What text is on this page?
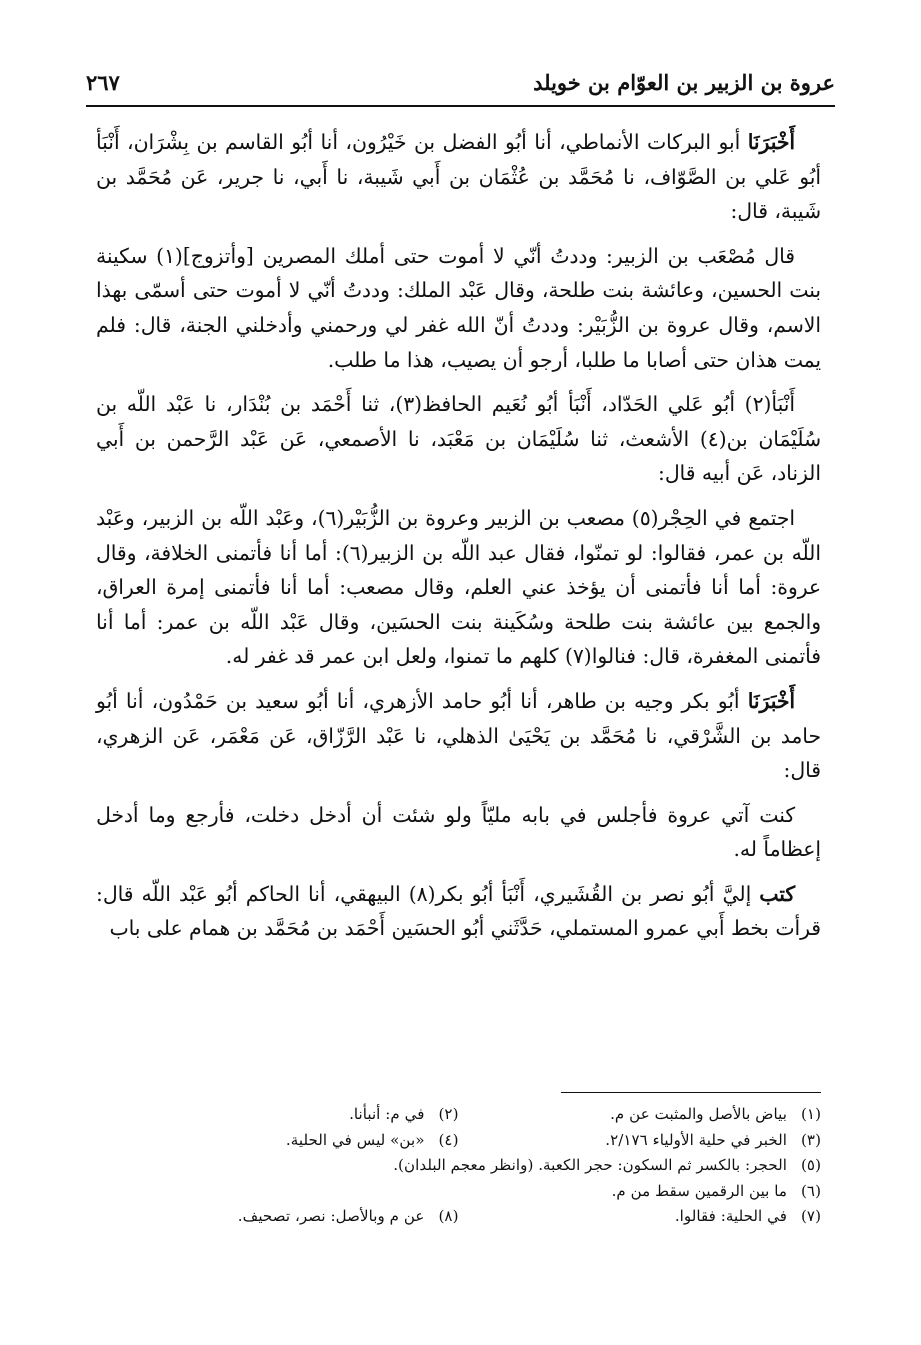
عروة بن الزبير بن العوّام بن خويلد
٢٦٧

أَخْبَرَنَا أبو البركات الأنماطي، أنا أبُو الفضل بن خَيْرُون، أنا أبُو القاسم بن بِشْرَان، أَنْبَأ أبُو عَلي بن الصَّوّاف، نا مُحَمَّد بن عُثْمَان بن أَبي شَيبة، نا أَبي، نا جرير، عَن مُحَمَّد بن شَيبة، قال:

قال مُصْعَب بن الزبير: وددتُ أنّي لا أموت حتى أملك المصرين [وأتزوج](١) سكينة بنت الحسين، وعائشة بنت طلحة، وقال عَبْد الملك: وددتُ أنّي لا أموت حتى أسمّى بهذا الاسم، وقال عروة بن الزُّبَيْر: وددتُ أنّ الله غفر لي ورحمني وأدخلني الجنة، قال: فلم يمت هذان حتى أصابا ما طلبا، أرجو أن يصيب، هذا ما طلب.

أَنْبَأ(٢) أبُو عَلي الحَدّاد، أَنْبَأ أبُو نُعَيم الحافظ(٣)، ثنا أَحْمَد بن بُنْدَار، نا عَبْد اللّه بن سُلَيْمَان بن(٤) الأشعث، ثنا سُلَيْمَان بن مَعْبَد، نا الأصمعي، عَن عَبْد الرَّحمن بن أَبي الزناد، عَن أبيه قال:

اجتمع في الحِجْر(٥) مصعب بن الزبير وعروة بن الزُّبَيْر(٦)، وعَبْد اللّه بن الزبير، وعَبْد اللّه بن عمر، فقالوا: لو تمنّوا، فقال عبد اللّه بن الزبير(٦): أما أنا فأتمنى الخلافة، وقال عروة: أما أنا فأتمنى أن يؤخذ عني العلم، وقال مصعب: أما أنا فأتمنى إمرة العراق، والجمع بين عائشة بنت طلحة وسُكَينة بنت الحسَين، وقال عَبْد اللّه بن عمر: أما أنا فأتمنى المغفرة، قال: فنالوا(٧) كلهم ما تمنوا، ولعل ابن عمر قد غفر له.

أَخْبَرَنَا أبُو بكر وجيه بن طاهر، أنا أبُو حامد الأزهري، أنا أبُو سعيد بن حَمْدُون، أنا أبُو حامد بن الشَّرْقي، نا مُحَمَّد بن يَحْيَىٰ الذهلي، نا عَبْد الرَّزّاق، عَن مَعْمَر، عَن الزهري، قال:

كنت آتي عروة فأجلس في بابه مليّاً ولو شئت أن أدخل دخلت، فأرجع وما أدخل إعظاماً له.

كتب إليَّ أبُو نصر بن القُشَيري، أَنْبَأ أبُو بكر(٨) البيهقي، أنا الحاكم أبُو عَبْد اللّه قال: قرأت بخط أَبي عمرو المستملي، حَدَّثَني أبُو الحسَين أَحْمَد بن مُحَمَّد بن همام على باب

(١)
بياض بالأصل والمثبت عن م.
(٢)
في م: أنبأنا.
(٣)
الخبر في حلية الأولياء ٢/١٧٦.
(٤)
«بن» ليس في الحلية.
(٥)
الحجر: بالكسر ثم السكون: حجر الكعبة. (وانظر معجم البلدان).
(٦)
ما بين الرقمين سقط من م.
(٧)
في الحلية: فقالوا.
(٨)
عن م وبالأصل: نصر، تصحيف.
